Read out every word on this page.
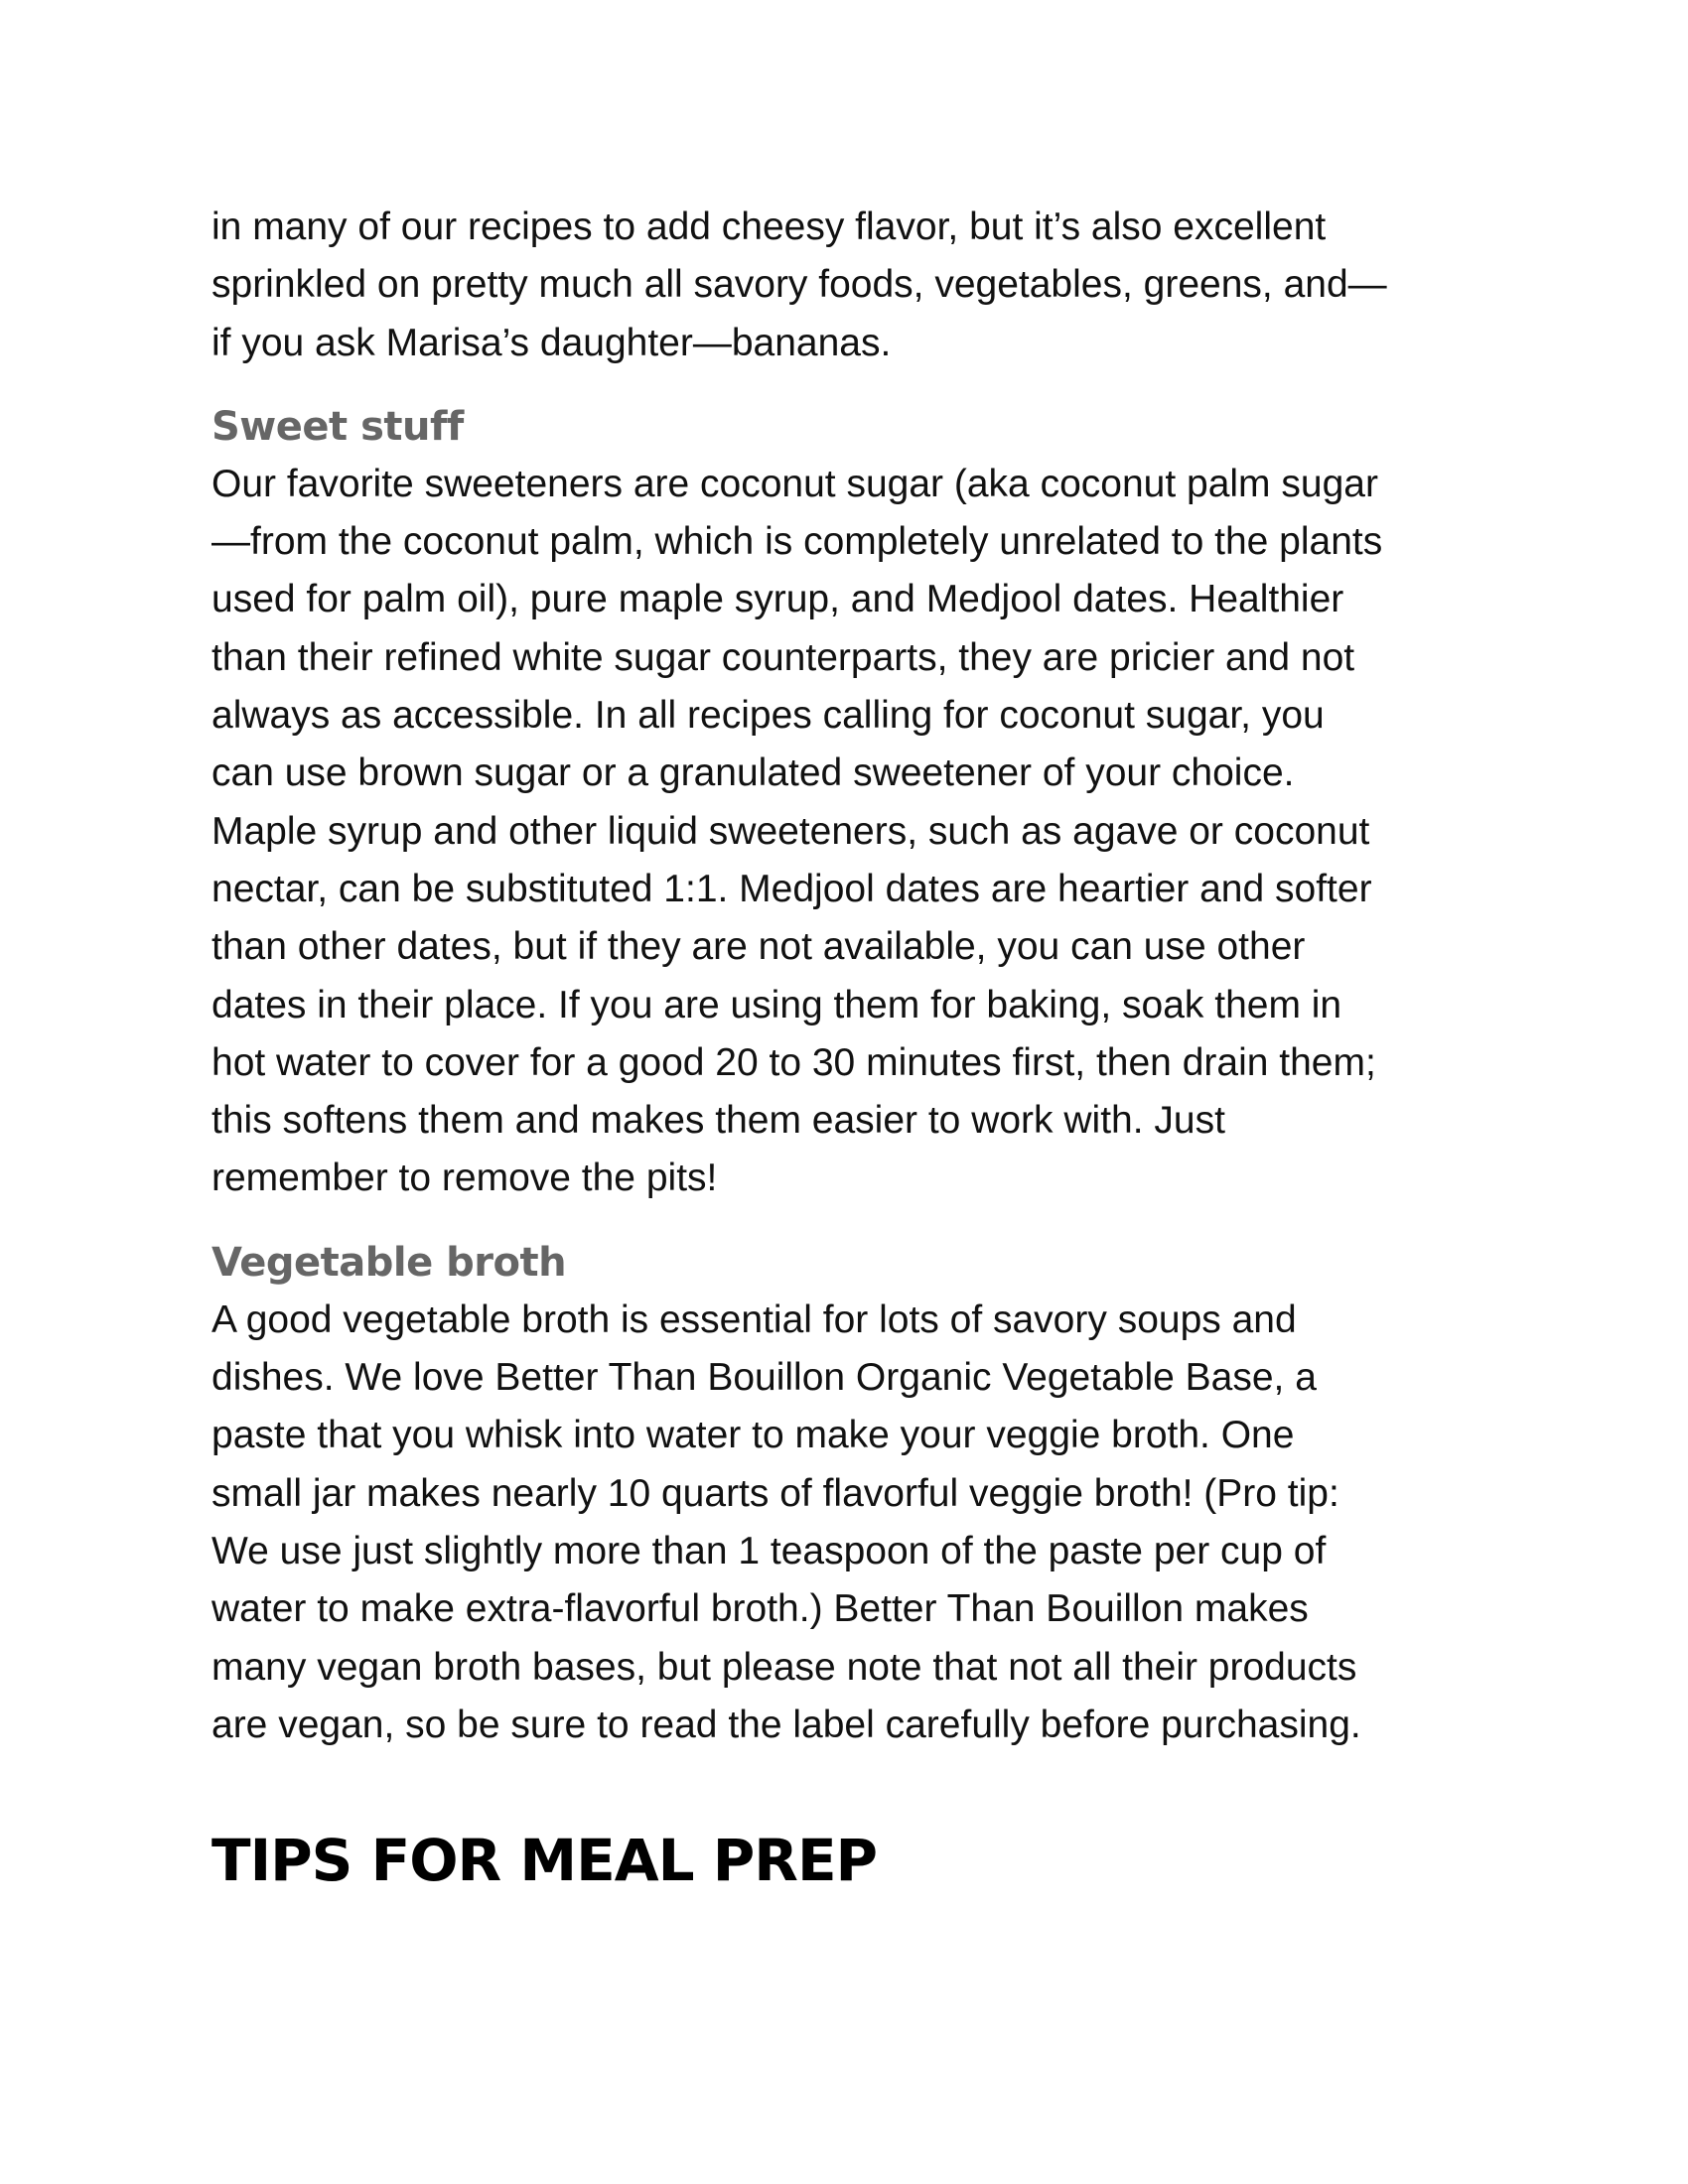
in many of our recipes to add cheesy flavor, but it’s also excellent
sprinkled on pretty much all savory foods, vegetables, greens, and—
if you ask Marisa’s daughter—bananas.

Sweet stuff

Our favorite sweeteners are coconut sugar (aka coconut palm sugar
—from the coconut palm, which is completely unrelated to the plants
used for palm oil), pure maple syrup, and Medjool dates. Healthier
than their refined white sugar counterparts, they are pricier and not
always as accessible. In all recipes calling for coconut sugar, you
can use brown sugar or a granulated sweetener of your choice.
Maple syrup and other liquid sweeteners, such as agave or coconut
nectar, can be substituted 1:1. Medjool dates are heartier and softer
than other dates, but if they are not available, you can use other
dates in their place. If you are using them for baking, soak them in
hot water to cover for a good 20 to 30 minutes first, then drain them;
this softens them and makes them easier to work with. Just
remember to remove the pits!

Vegetable broth

A good vegetable broth is essential for lots of savory soups and
dishes. We love Better Than Bouillon Organic Vegetable Base, a
paste that you whisk into water to make your veggie broth. One
small jar makes nearly 10 quarts of flavorful veggie broth! (Pro tip:
We use just slightly more than 1 teaspoon of the paste per cup of
water to make extra-flavorful broth.) Better Than Bouillon makes
many vegan broth bases, but please note that not all their products
are vegan, so be sure to read the label carefully before purchasing.

TIPS FOR MEAL PREP
